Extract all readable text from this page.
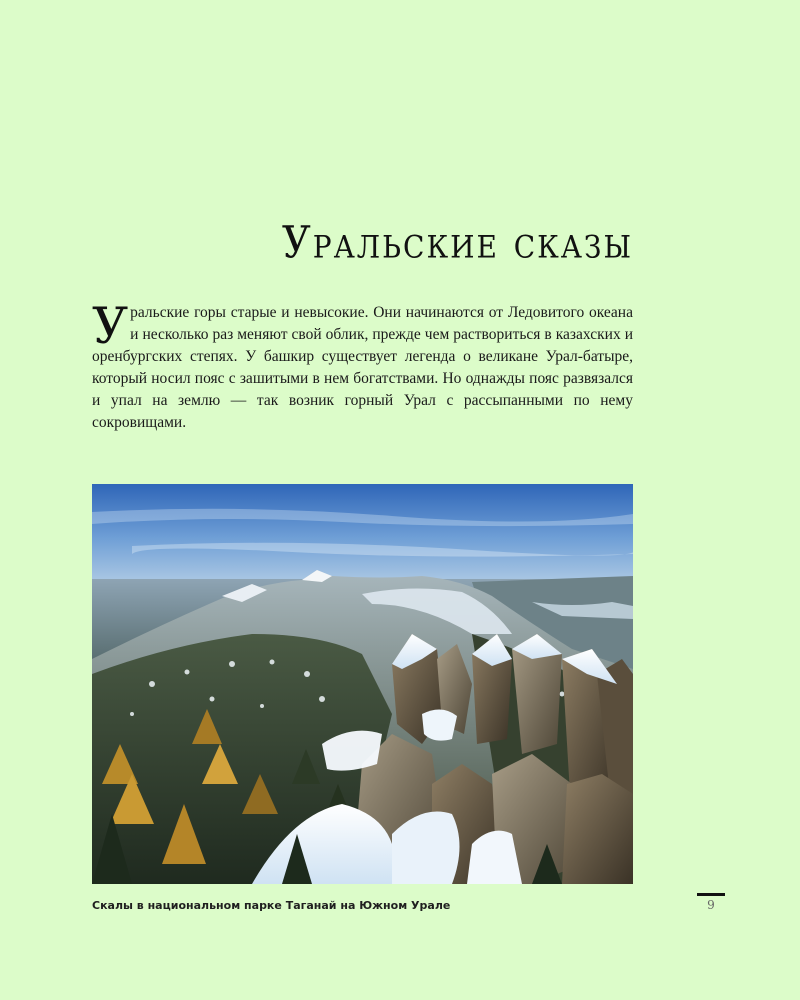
Уральские сказы

Уральские горы старые и невысокие. Они начинаются от Ледовитого океана и несколько раз меняют свой облик, прежде чем раствориться в казахских и оренбургских степях. У башкир существует легенда о великане Урал-батыре, который носил пояс с зашитыми в нем богатствами. Но однажды пояс развязался и упал на землю — так возник горный Урал с рассыпанными по нему сокровищами.

Скалы в национальном парке Таганай на Южном Урале	9
